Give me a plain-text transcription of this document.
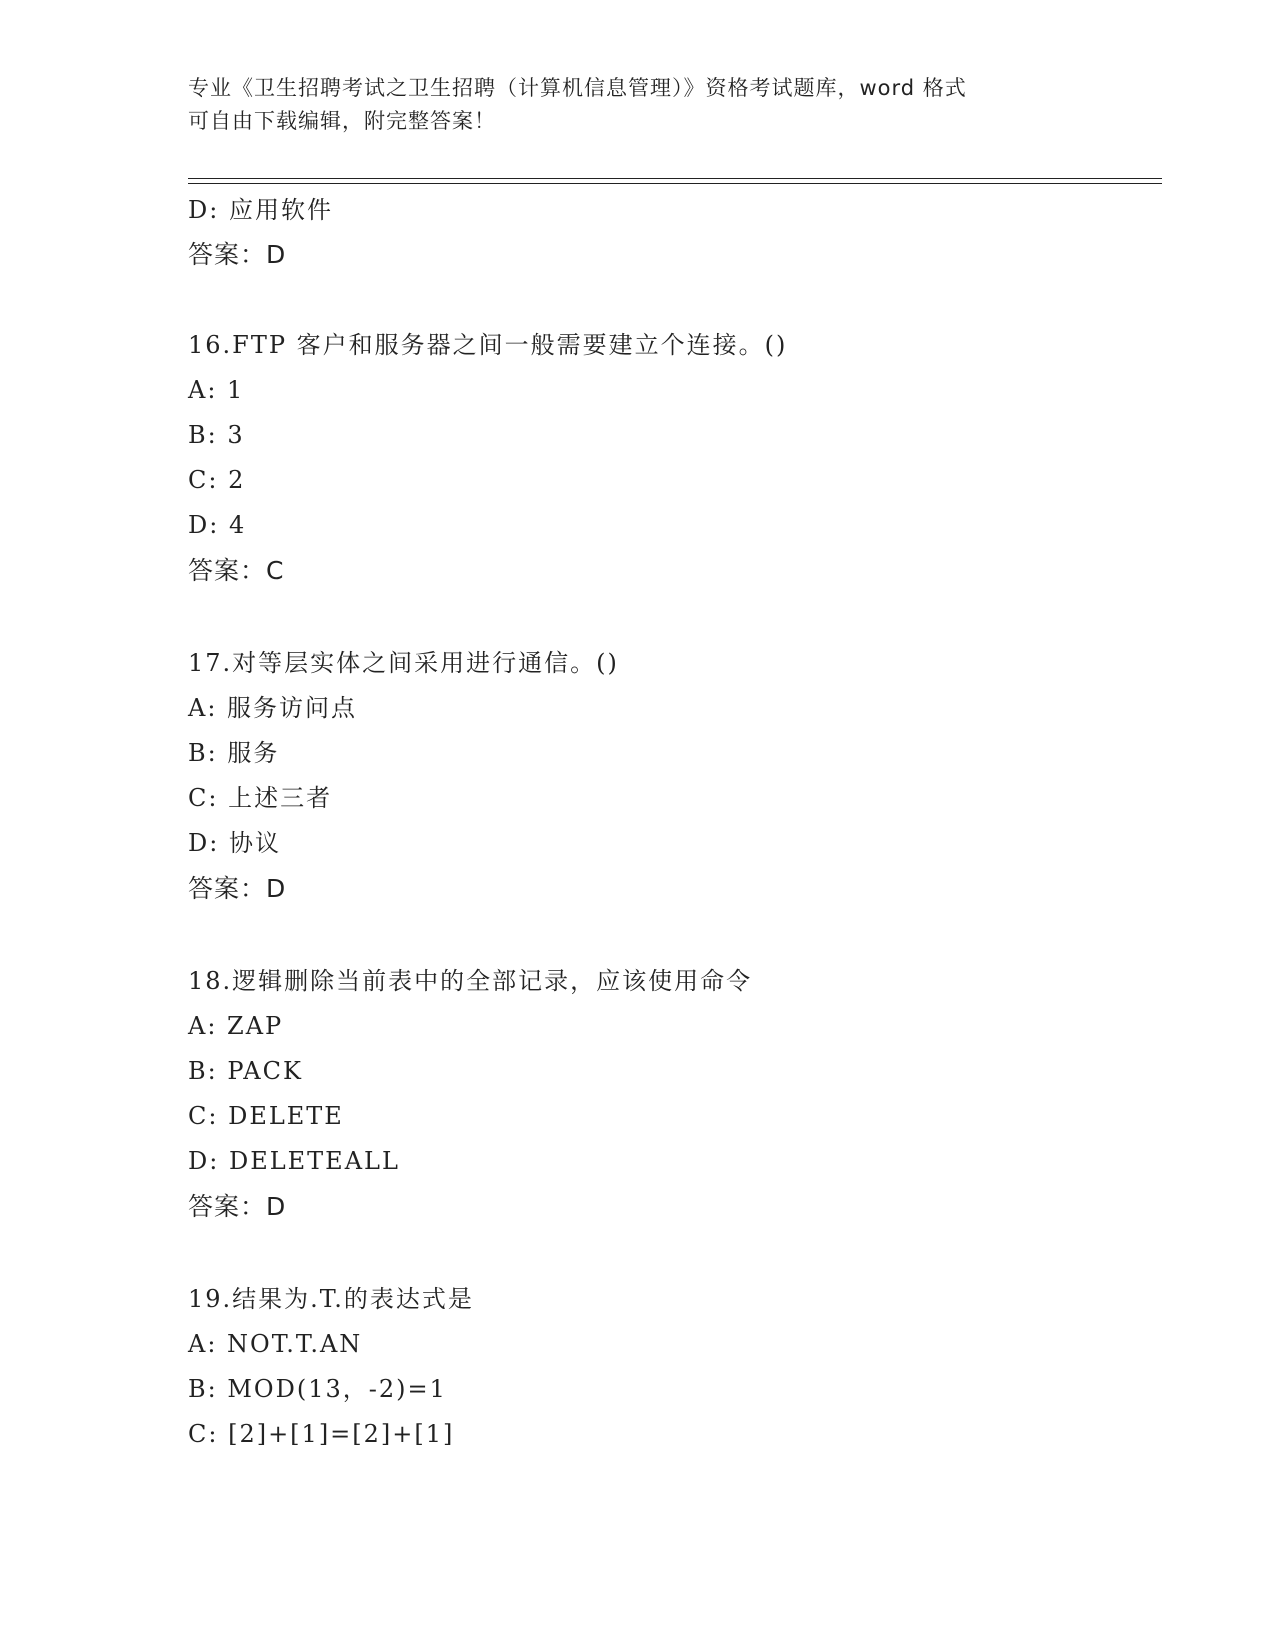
专业《卫生招聘考试之卫生招聘（计算机信息管理）》资格考试题库，word 格式
可自由下载编辑，附完整答案！
D: 应用软件
答案：D
16.FTP 客户和服务器之间一般需要建立个连接。()
A: 1
B: 3
C: 2
D: 4
答案：C
17.对等层实体之间采用进行通信。()
A: 服务访问点
B: 服务
C: 上述三者
D: 协议
答案：D
18.逻辑删除当前表中的全部记录，应该使用命令
A: ZAP
B: PACK
C: DELETE
D: DELETEALL
答案：D
19.结果为.T.的表达式是
A: NOT.T.AN
B: MOD(13，-2)=1
C: [2]+[1]=[2]+[1]
